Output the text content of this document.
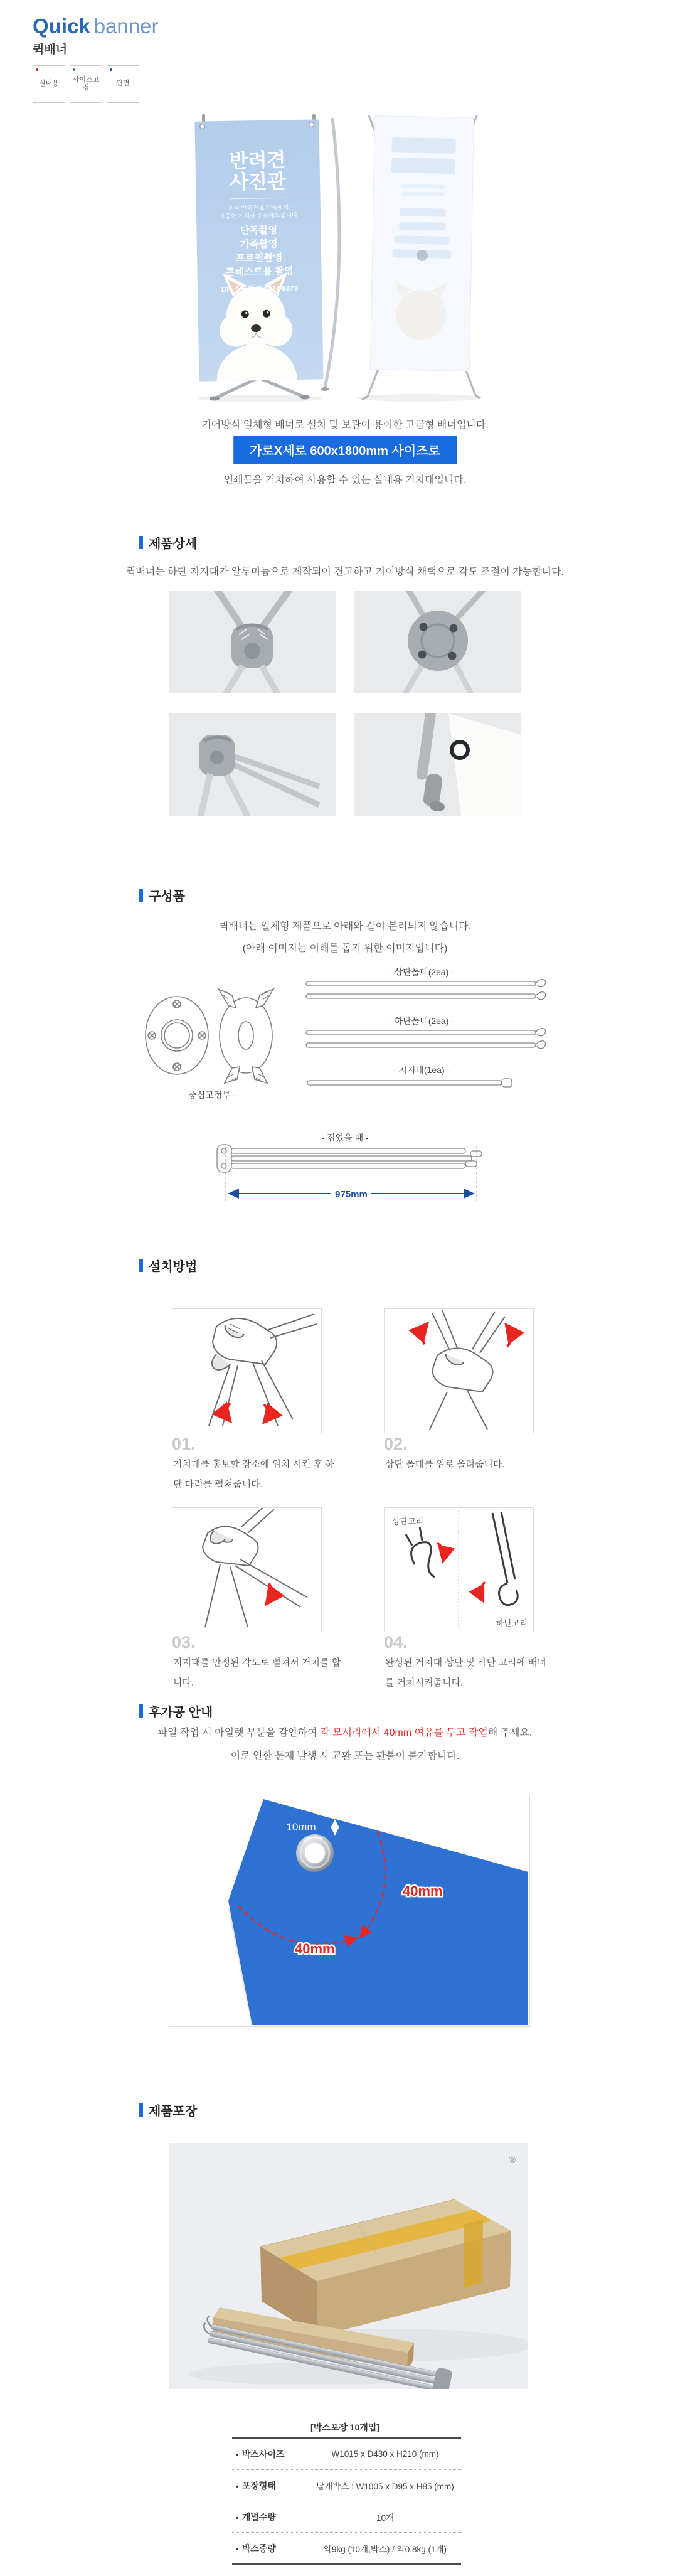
Quick banner
퀵배너
실내용
사이즈고정
단면
반려견
사진관
우리 반려견 & 가족에게
소중한 기억을 선물해드립니다
단독촬영
가족촬영
프로필촬영
콘테스트용 촬영
DH 스튜디오 1234-5678
기어방식 일체형 배너로 설치 및 보관이 용이한 고급형 배너입니다.
가로X세로 600x1800mm 사이즈로
인쇄물을 거치하여 사용할 수 있는 실내용 거치대입니다.
제품상세
퀵배너는 하단 지지대가 알루미늄으로 제작되어 견고하고 기어방식 채택으로 각도 조절이 가능합니다.
구성품
퀵배너는 일체형 제품으로 아래와 같이 분리되지 않습니다.
(아래 이미지는 이해를 돕기 위한 이미지입니다)
- 중심고정부 -
- 상단폴대(2ea) -
- 하단폴대(2ea) -
- 지지대(1ea) -
- 접었을 때 -
975mm
설치방법
상단고리
하단고리
01.
거치대를 홍보할 장소에 위치 시킨 후 하단 다리를 펼쳐줍니다.
02.
상단 폴대를 위로 올려줍니다.
03.
지지대를 안정된 각도로 펼쳐서 거치를 합니다.
04.
완성된 거치대 상단 및 하단 고리에 배너를 거치시켜줍니다.
후가공 안내
파일 작업 시 아일렛 부분을 감안하여 각 모서리에서 40mm 여유를 두고 작업해 주세요.
이로 인한 문제 발생 시 교환 또는 환불이 불가합니다.
10mm
40mm
40mm
제품포장
®
[박스포장 10개입]
• 박스사이즈	W1015 x D430 x H210 (mm)
• 포장형태	낱개박스 : W1005 x D95 x H85 (mm)
• 개별수량	10개
• 박스중량	약9kg (10개,박스) / 약0.8kg (1개)
